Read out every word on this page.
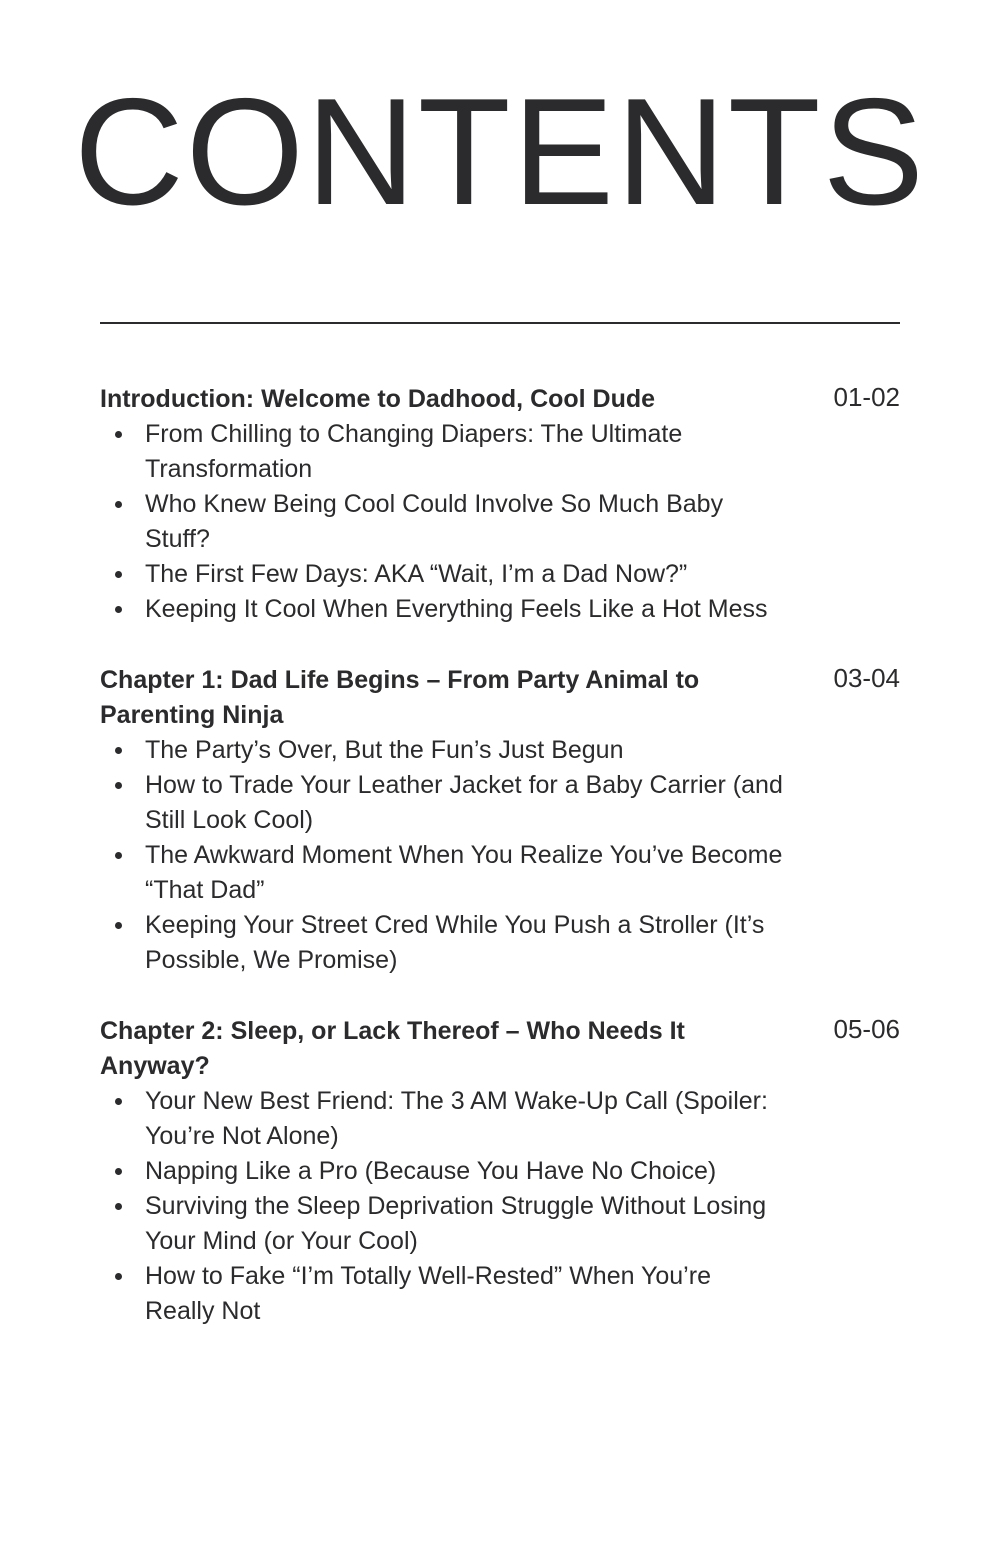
CONTENTS
Introduction: Welcome to Dadhood, Cool Dude	01-02
From Chilling to Changing Diapers: The Ultimate Transformation
Who Knew Being Cool Could Involve So Much Baby Stuff?
The First Few Days: AKA “Wait, I’m a Dad Now?”
Keeping It Cool When Everything Feels Like a Hot Mess
Chapter 1: Dad Life Begins – From Party Animal to Parenting Ninja
03-04
The Party’s Over, But the Fun’s Just Begun
How to Trade Your Leather Jacket for a Baby Carrier (and Still Look Cool)
The Awkward Moment When You Realize You’ve Become “That Dad”
Keeping Your Street Cred While You Push a Stroller (It’s Possible, We Promise)
Chapter 2: Sleep, or Lack Thereof – Who Needs It Anyway?
05-06
Your New Best Friend: The 3 AM Wake-Up Call (Spoiler: You’re Not Alone)
Napping Like a Pro (Because You Have No Choice)
Surviving the Sleep Deprivation Struggle Without Losing Your Mind (or Your Cool)
How to Fake “I’m Totally Well-Rested” When You’re Really Not
